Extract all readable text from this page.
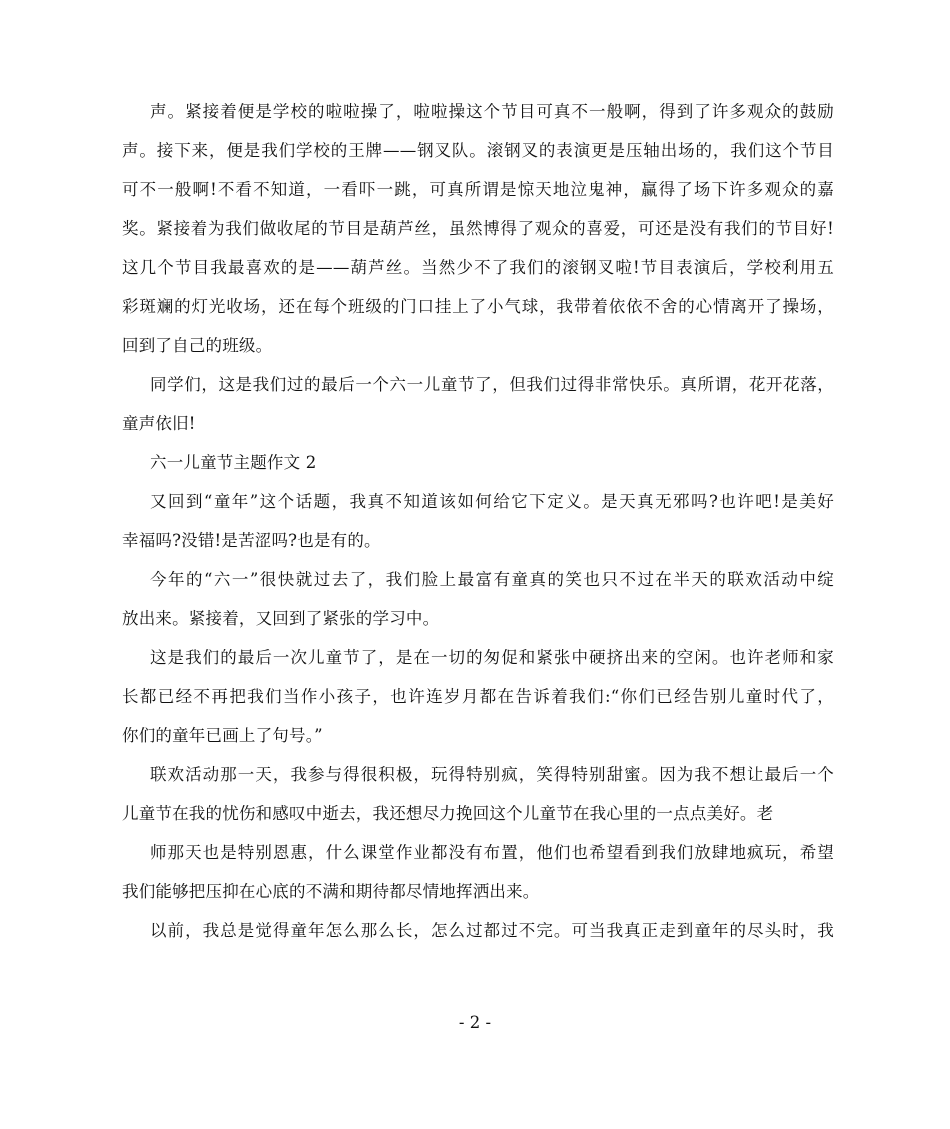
声。紧接着便是学校的啦啦操了，啦啦操这个节目可真不一般啊，得到了许多观众的鼓励
声。接下来，便是我们学校的王牌——钢叉队。滚钢叉的表演更是压轴出场的，我们这个节目
可不一般啊!不看不知道，一看吓一跳，可真所谓是惊天地泣鬼神，赢得了场下许多观众的嘉
奖。紧接着为我们做收尾的节目是葫芦丝，虽然博得了观众的喜爱，可还是没有我们的节目好!
这几个节目我最喜欢的是——葫芦丝。当然少不了我们的滚钢叉啦!节目表演后，学校利用五
彩斑斓的灯光收场，还在每个班级的门口挂上了小气球，我带着依依不舍的心情离开了操场，
回到了自己的班级。
同学们，这是我们过的最后一个六一儿童节了，但我们过得非常快乐。真所谓，花开花落，
童声依旧!
六一儿童节主题作文 2
又回到“童年”这个话题，我真不知道该如何给它下定义。是天真无邪吗?也许吧!是美好
幸福吗?没错!是苦涩吗?也是有的。
今年的“六一”很快就过去了，我们脸上最富有童真的笑也只不过在半天的联欢活动中绽
放出来。紧接着，又回到了紧张的学习中。
这是我们的最后一次儿童节了，是在一切的匆促和紧张中硬挤出来的空闲。也许老师和家
长都已经不再把我们当作小孩子，也许连岁月都在告诉着我们:“你们已经告别儿童时代了，
你们的童年已画上了句号。”
联欢活动那一天，我参与得很积极，玩得特别疯，笑得特别甜蜜。因为我不想让最后一个
儿童节在我的忧伤和感叹中逝去，我还想尽力挽回这个儿童节在我心里的一点点美好。老
师那天也是特别恩惠，什么课堂作业都没有布置，他们也希望看到我们放肆地疯玩，希望
我们能够把压抑在心底的不满和期待都尽情地挥洒出来。
以前，我总是觉得童年怎么那么长，怎么过都过不完。可当我真正走到童年的尽头时，我
- 2 -
